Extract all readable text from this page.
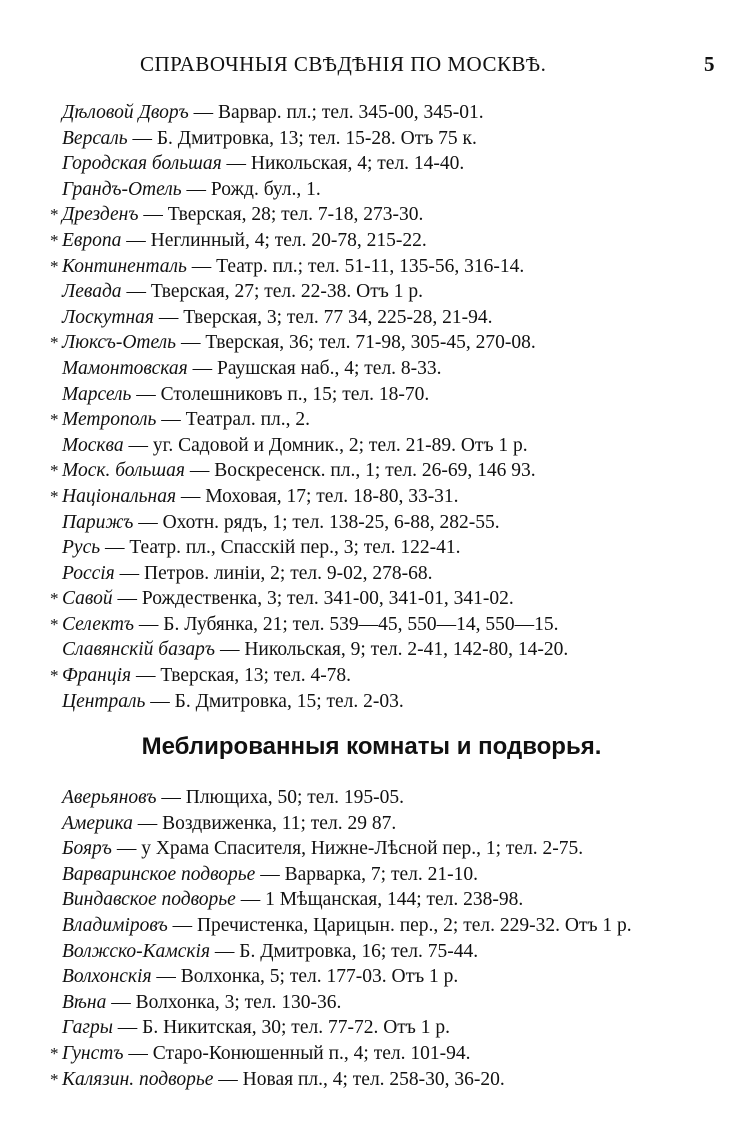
СПРАВОЧНЫЯ СВѢДѢНІЯ ПО МОСКВѢ.	5
Дѣловой Дворъ — Варвар. пл.; тел. 345-00, 345-01.
Версаль — Б. Дмитровка, 13; тел. 15-28. Отъ 75 к.
Городская большая — Никольская, 4; тел. 14-40.
Грандъ-Отель — Рожд. бул., 1.
* Дрезденъ — Тверская, 28; тел. 7-18, 273-30.
* Европа — Неглинный, 4; тел. 20-78, 215-22.
* Континенталь — Театр. пл.; тел. 51-11, 135-56, 316-14.
Левада — Тверская, 27; тел. 22-38. Отъ 1 р.
Лоскутная — Тверская, 3; тел. 77 34, 225-28, 21-94.
* Люксъ-Отель — Тверская, 36; тел. 71-98, 305-45, 270-08.
Мамонтовская — Раушская наб., 4; тел. 8-33.
Марсель — Столешниковъ п., 15; тел. 18-70.
* Метрополь — Театрал. пл., 2.
Москва — уг. Садовой и Домник., 2; тел. 21-89. Отъ 1 р.
* Моск. большая — Воскресенск. пл., 1; тел. 26-69, 146 93.
* Національная — Моховая, 17; тел. 18-80, 33-31.
Парижъ — Охотн. рядъ, 1; тел. 138-25, 6-88, 282-55.
Русь — Театр. пл., Спасскій пер., 3; тел. 122-41.
Россія — Петров. линіи, 2; тел. 9-02, 278-68.
* Савой — Рождественка, 3; тел. 341-00, 341-01, 341-02.
* Селектъ — Б. Лубянка, 21; тел. 539—45, 550—14, 550—15.
Славянскій базаръ — Никольская, 9; тел. 2-41, 142-80, 14-20.
* Франція — Тверская, 13; тел. 4-78.
Централь — Б. Дмитровка, 15; тел. 2-03.
Меблированныя комнаты и подворья.
Аверьяновъ — Плющиха, 50; тел. 195-05.
Америка — Воздвиженка, 11; тел. 29 87.
Бояръ — у Храма Спасителя, Нижне-Лѣсной пер., 1; тел. 2-75.
Варваринское подворье — Варварка, 7; тел. 21-10.
Виндавское подворье — 1 Мѣщанская, 144; тел. 238-98.
Владиміровъ — Пречистенка, Царицын. пер., 2; тел. 229-32. Отъ 1 р.
Волжско-Камскія — Б. Дмитровка, 16; тел. 75-44.
Волхонскія — Волхонка, 5; тел. 177-03. Отъ 1 р.
Вѣна — Волхонка, 3; тел. 130-36.
Гагры — Б. Никитская, 30; тел. 77-72. Отъ 1 р.
* Гунстъ — Старо-Конюшенный п., 4; тел. 101-94.
* Калязин. подворье — Новая пл., 4; тел. 258-30, 36-20.
